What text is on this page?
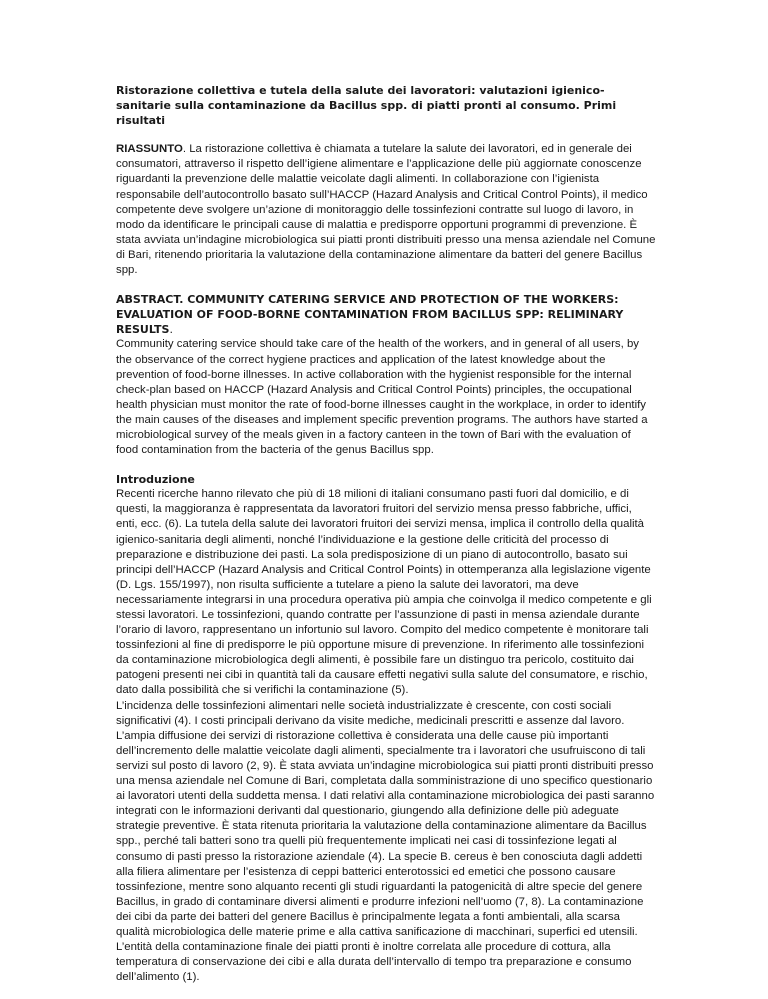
Ristorazione collettiva e tutela della salute dei lavoratori: valutazioni igienico-sanitarie sulla contaminazione da Bacillus spp. di piatti pronti al consumo. Primi risultati

RIASSUNTO. La ristorazione collettiva è chiamata a tutelare la salute dei lavoratori, ed in generale dei consumatori, attraverso il rispetto dell’igiene alimentare e l’applicazione delle più aggiornate conoscenze riguardanti la prevenzione delle malattie veicolate dagli alimenti. In collaborazione con l’igienista responsabile dell’autocontrollo basato sull’HACCP (Hazard Analysis and Critical Control Points), il medico competente deve svolgere un’azione di monitoraggio delle tossinfezioni contratte sul luogo di lavoro, in modo da identificare le principali cause di malattia e predisporre opportuni programmi di prevenzione. È stata avviata un’indagine microbiologica sui piatti pronti distribuiti presso una mensa aziendale nel Comune di Bari, ritenendo prioritaria la valutazione della contaminazione alimentare da batteri del genere Bacillus spp.

ABSTRACT. COMMUNITY CATERING SERVICE AND PROTECTION OF THE WORKERS: EVALUATION OF FOOD-BORNE CONTAMINATION FROM BACILLUS SPP: RELIMINARY RESULTS.

Community catering service should take care of the health of the workers, and in general of all users, by the observance of the correct hygiene practices and application of the latest knowledge about the prevention of food-borne illnesses. In active collaboration with the hygienist responsible for the internal check-plan based on HACCP (Hazard Analysis and Critical Control Points) principles, the occupational health physician must monitor the rate of food-borne illnesses caught in the workplace, in order to identify the main causes of the diseases and implement specific prevention programs. The authors have started a microbiological survey of the meals given in a factory canteen in the town of Bari with the evaluation of food contamination from the bacteria of the genus Bacillus spp.

Introduzione

Recenti ricerche hanno rilevato che più di 18 milioni di italiani consumano pasti fuori dal domicilio, e di questi, la maggioranza è rappresentata da lavoratori fruitori del servizio mensa presso fabbriche, uffici, enti, ecc. (6). La tutela della salute dei lavoratori fruitori dei servizi mensa, implica il controllo della qualità igienico-sanitaria degli alimenti, nonché l’individuazione e la gestione delle criticità del processo di preparazione e distribuzione dei pasti. La sola predisposizione di un piano di autocontrollo, basato sui principi dell’HACCP (Hazard Analysis and Critical Control Points) in ottemperanza alla legislazione vigente (D. Lgs. 155/1997), non risulta sufficiente a tutelare a pieno la salute dei lavoratori, ma deve necessariamente integrarsi in una procedura operativa più ampia che coinvolga il medico competente e gli stessi lavoratori. Le tossinfezioni, quando contratte per l’assunzione di pasti in mensa aziendale durante l’orario di lavoro, rappresentano un infortunio sul lavoro. Compito del medico competente è monitorare tali tossinfezioni al fine di predisporre le più opportune misure di prevenzione. In riferimento alle tossinfezioni da contaminazione microbiologica degli alimenti, è possibile fare un distinguo tra pericolo, costituito dai patogeni presenti nei cibi in quantità tali da causare effetti negativi sulla salute del consumatore, e rischio, dato dalla possibilità che si verifichi la contaminazione (5).

L’incidenza delle tossinfezioni alimentari nelle società industrializzate è crescente, con costi sociali significativi (4). I costi principali derivano da visite mediche, medicinali prescritti e assenze dal lavoro. L’ampia diffusione dei servizi di ristorazione collettiva è considerata una delle cause più importanti dell’incremento delle malattie veicolate dagli alimenti, specialmente tra i lavoratori che usufruiscono di tali servizi sul posto di lavoro (2, 9). È stata avviata un’indagine microbiologica sui piatti pronti distribuiti presso una mensa aziendale nel Comune di Bari, completata dalla somministrazione di uno specifico questionario ai lavoratori utenti della suddetta mensa. I dati relativi alla contaminazione microbiologica dei pasti saranno integrati con le informazioni derivanti dal questionario, giungendo alla definizione delle più adeguate strategie preventive. È stata ritenuta prioritaria la valutazione della contaminazione alimentare da Bacillus spp., perché tali batteri sono tra quelli più frequentemente implicati nei casi di tossinfezione legati al consumo di pasti presso la ristorazione aziendale (4). La specie B. cereus è ben conosciuta dagli addetti alla filiera alimentare per l’esistenza di ceppi batterici enterotossici ed emetici che possono causare tossinfezione, mentre sono alquanto recenti gli studi riguardanti la patogenicità di altre specie del genere Bacillus, in grado di contaminare diversi alimenti e produrre infezioni nell’uomo (7, 8). La contaminazione dei cibi da parte dei batteri del genere Bacillus è principalmente legata a fonti ambientali, alla scarsa qualità microbiologica delle materie prime e alla cattiva sanificazione di macchinari, superfici ed utensili. L’entità della contaminazione finale dei piatti pronti è inoltre correlata alle procedure di cottura, alla temperatura di conservazione dei cibi e alla durata dell’intervallo di tempo tra preparazione e consumo dell’alimento (1).
